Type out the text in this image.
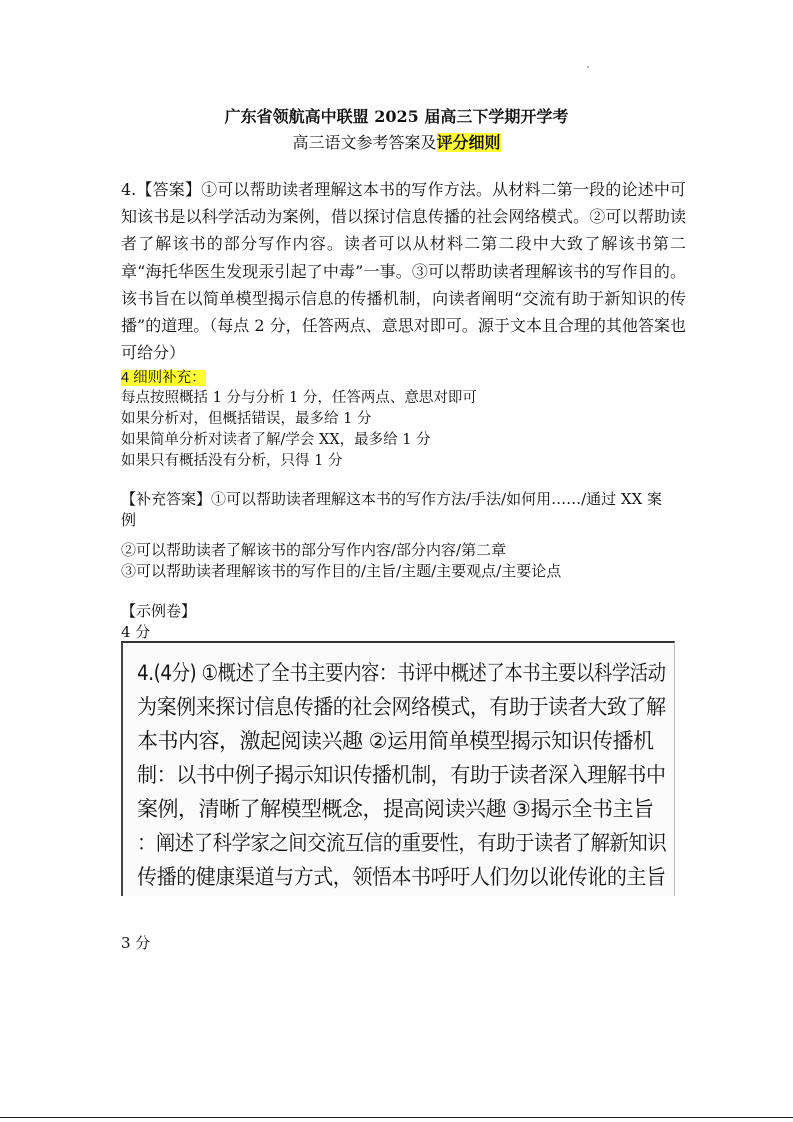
广东省领航高中联盟 2025 届高三下学期开学考
高三语文参考答案及评分细则
4.【答案】①可以帮助读者理解这本书的写作方法。从材料二第一段的论述中可知该书是以科学活动为案例，借以探讨信息传播的社会网络模式。②可以帮助读者了解该书的部分写作内容。读者可以从材料二第二段中大致了解该书第二章“海托华医生发现汞引起了中毒”一事。③可以帮助读者理解该书的写作目的。该书旨在以简单模型揭示信息的传播机制，向读者阐明“交流有助于新知识的传播”的道理。（每点 2 分，任答两点、意思对即可。源于文本且合理的其他答案也可给分）
4 细则补充：
每点按照概括 1 分与分析 1 分，任答两点、意思对即可
如果分析对，但概括错误，最多给 1 分
如果简单分析对读者了解/学会 XX，最多给 1 分
如果只有概括没有分析，只得 1 分
【补充答案】①可以帮助读者理解这本书的写作方法/手法/如何用……/通过 XX 案例
②可以帮助读者了解该书的部分写作内容/部分内容/第二章
③可以帮助读者理解该书的写作目的/主旨/主题/主要观点/主要论点
【示例卷】
4 分
4.(4分) ①概述了全书主要内容：书评中概述了本书主要以科学活动
为案例来探讨信息传播的社会网络模式，有助于读者大致了解
本书内容，激起阅读兴趣 ②运用简单模型揭示知识传播机
制：以书中例子揭示知识传播机制，有助于读者深入理解书中
案例，清晰了解模型概念，提高阅读兴趣 ③揭示全书主旨
：阐述了科学家之间交流互信的重要性，有助于读者了解新知识
传播的健康渠道与方式，领悟本书呼吁人们勿以讹传讹的主旨
3 分
